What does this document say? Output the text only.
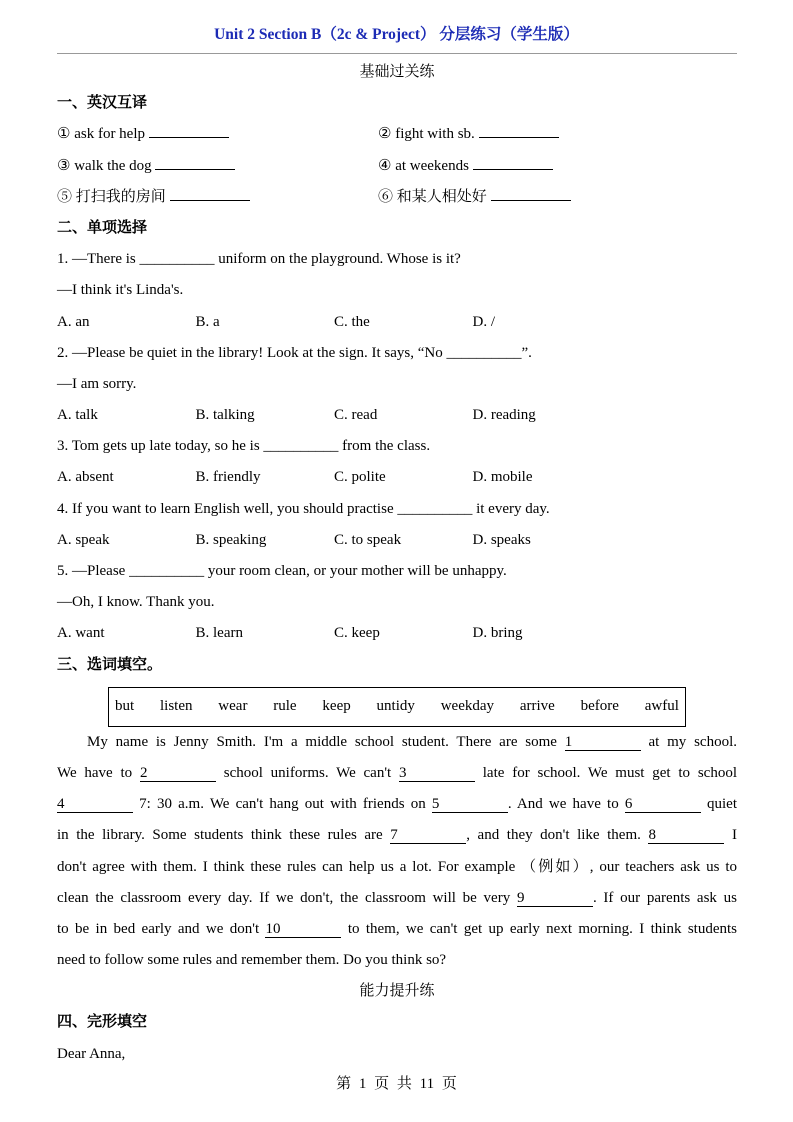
Unit 2 Section B（2c & Project） 分层练习（学生版）
基础过关练
一、英汉互译
① ask for help	② fight with sb.
③ walk the dog	④ at weekends
⑤ 打扫我的房间	⑥ 和某人相处好
二、单项选择
1. —There is __________ uniform on the playground. Whose is it?
—I think it's Linda's.
A. an	B. a	C. the	D. /
2. —Please be quiet in the library! Look at the sign. It says, “No __________”.
—I am sorry.
A. talk	B. talking	C. read	D. reading
3. Tom gets up late today, so he is __________ from the class.
A. absent	B. friendly	C. polite	D. mobile
4. If you want to learn English well, you should practise __________ it every day.
A. speak	B. speaking	C. to speak	D. speaks
5. —Please __________ your room clean, or your mother will be unhappy.
—Oh, I know. Thank you.
A. want	B. learn	C. keep	D. bring
三、选词填空。
but listen wear rule keep untidy weekday arrive before awful
My name is Jenny Smith. I'm a middle school student. There are some 1	at my school.
We have to 2	school uniforms. We can't 3	late for school. We must get to school
4	7: 30 a.m. We can't hang out with friends on 5	. And we have to 6	quiet
in the library. Some students think these rules are 7	, and they don't like them. 8	I
don't agree with them. I think these rules can help us a lot. For example （例如）, our teachers ask us to
clean the classroom every day. If we don't, the classroom will be very 9	. If our parents ask us
to be in bed early and we don't 10	to them, we can't get up early next morning. I think students
need to follow some rules and remember them. Do you think so?
能力提升练
四、完形填空
Dear Anna,
第 1 页 共 11 页
